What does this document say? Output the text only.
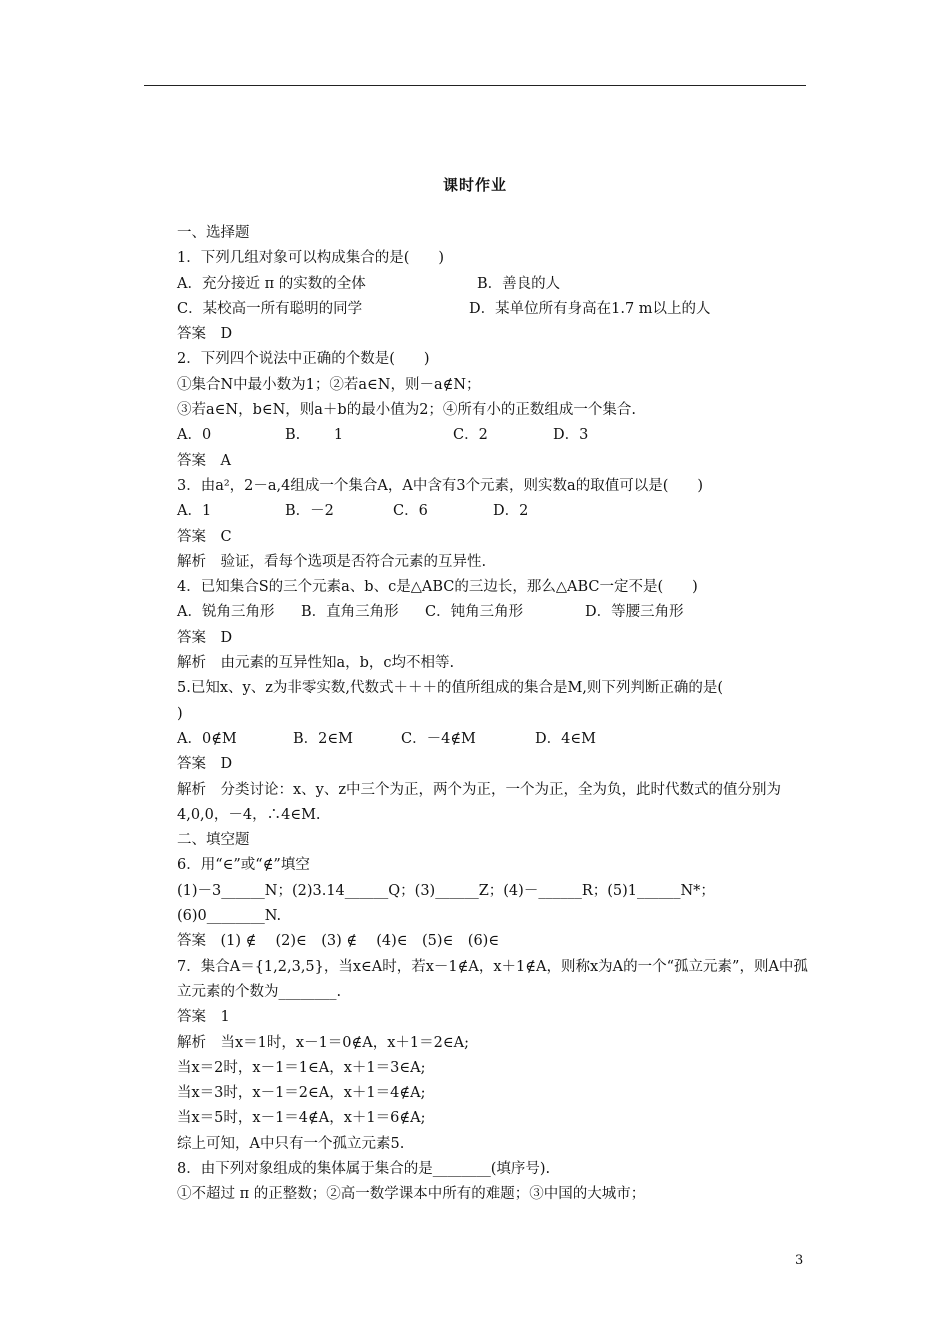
课时作业
一、选择题
1．下列几组对象可以构成集合的是(　　)
A．充分接近 π 的实数的全体	B．善良的人
C．某校高一所有聪明的同学	D．某单位所有身高在1.7 m以上的人
答案　D
2．下列四个说法中正确的个数是(　　)
①集合N中最小数为1；②若a∈N，则－a∉N；
③若a∈N，b∈N，则a＋b的最小值为2；④所有小的正数组成一个集合.
A．0	B.　　 1	C．2	D．3
答案　A
3．由a²，2－a,4组成一个集合A，A中含有3个元素，则实数a的取值可以是(　　)
A．1	B．－2	C．6	D．2
答案　C
解析　验证，看每个选项是否符合元素的互异性.
4．已知集合S的三个元素a、b、c是△ABC的三边长，那么△ABC一定不是(　　)
A．锐角三角形	B．直角三角形	C．钝角三角形	D．等腰三角形
答案　D
解析　由元素的互异性知a，b，c均不相等.
5.已知x、y、z为非零实数,代数式＋＋＋的值所组成的集合是M,则下列判断正确的是(
)
A．0∉M	B．2∈M	C．－4∉M	D．4∈M
答案　D
解析　分类讨论：x、y、z中三个为正，两个为正，一个为正，全为负，此时代数式的值分别为4,0,0，－4，∴4∈M.
二、填空题
6．用“∈”或“∉”填空
(1)－3______N；(2)3.14______Q；(3)______Z；(4)－______R；(5)1______N*；
(6)0________N.
答案　(1) ∉　 (2)∈　(3) ∉　 (4)∈　(5)∈　(6)∈
7．集合A＝{1,2,3,5}，当x∈A时，若x－1∉A，x＋1∉A，则称x为A的一个“孤立元素”，则A中孤立元素的个数为________.
答案　1
解析　当x＝1时，x－1＝0∉A，x＋1＝2∈A;
当x＝2时，x－1＝1∈A，x＋1＝3∈A;
当x＝3时，x－1＝2∈A，x＋1＝4∉A;
当x＝5时，x－1＝4∉A，x＋1＝6∉A;
综上可知，A中只有一个孤立元素5.
8．由下列对象组成的集体属于集合的是________(填序号).
①不超过 π 的正整数；②高一数学课本中所有的难题；③中国的大城市；
3
